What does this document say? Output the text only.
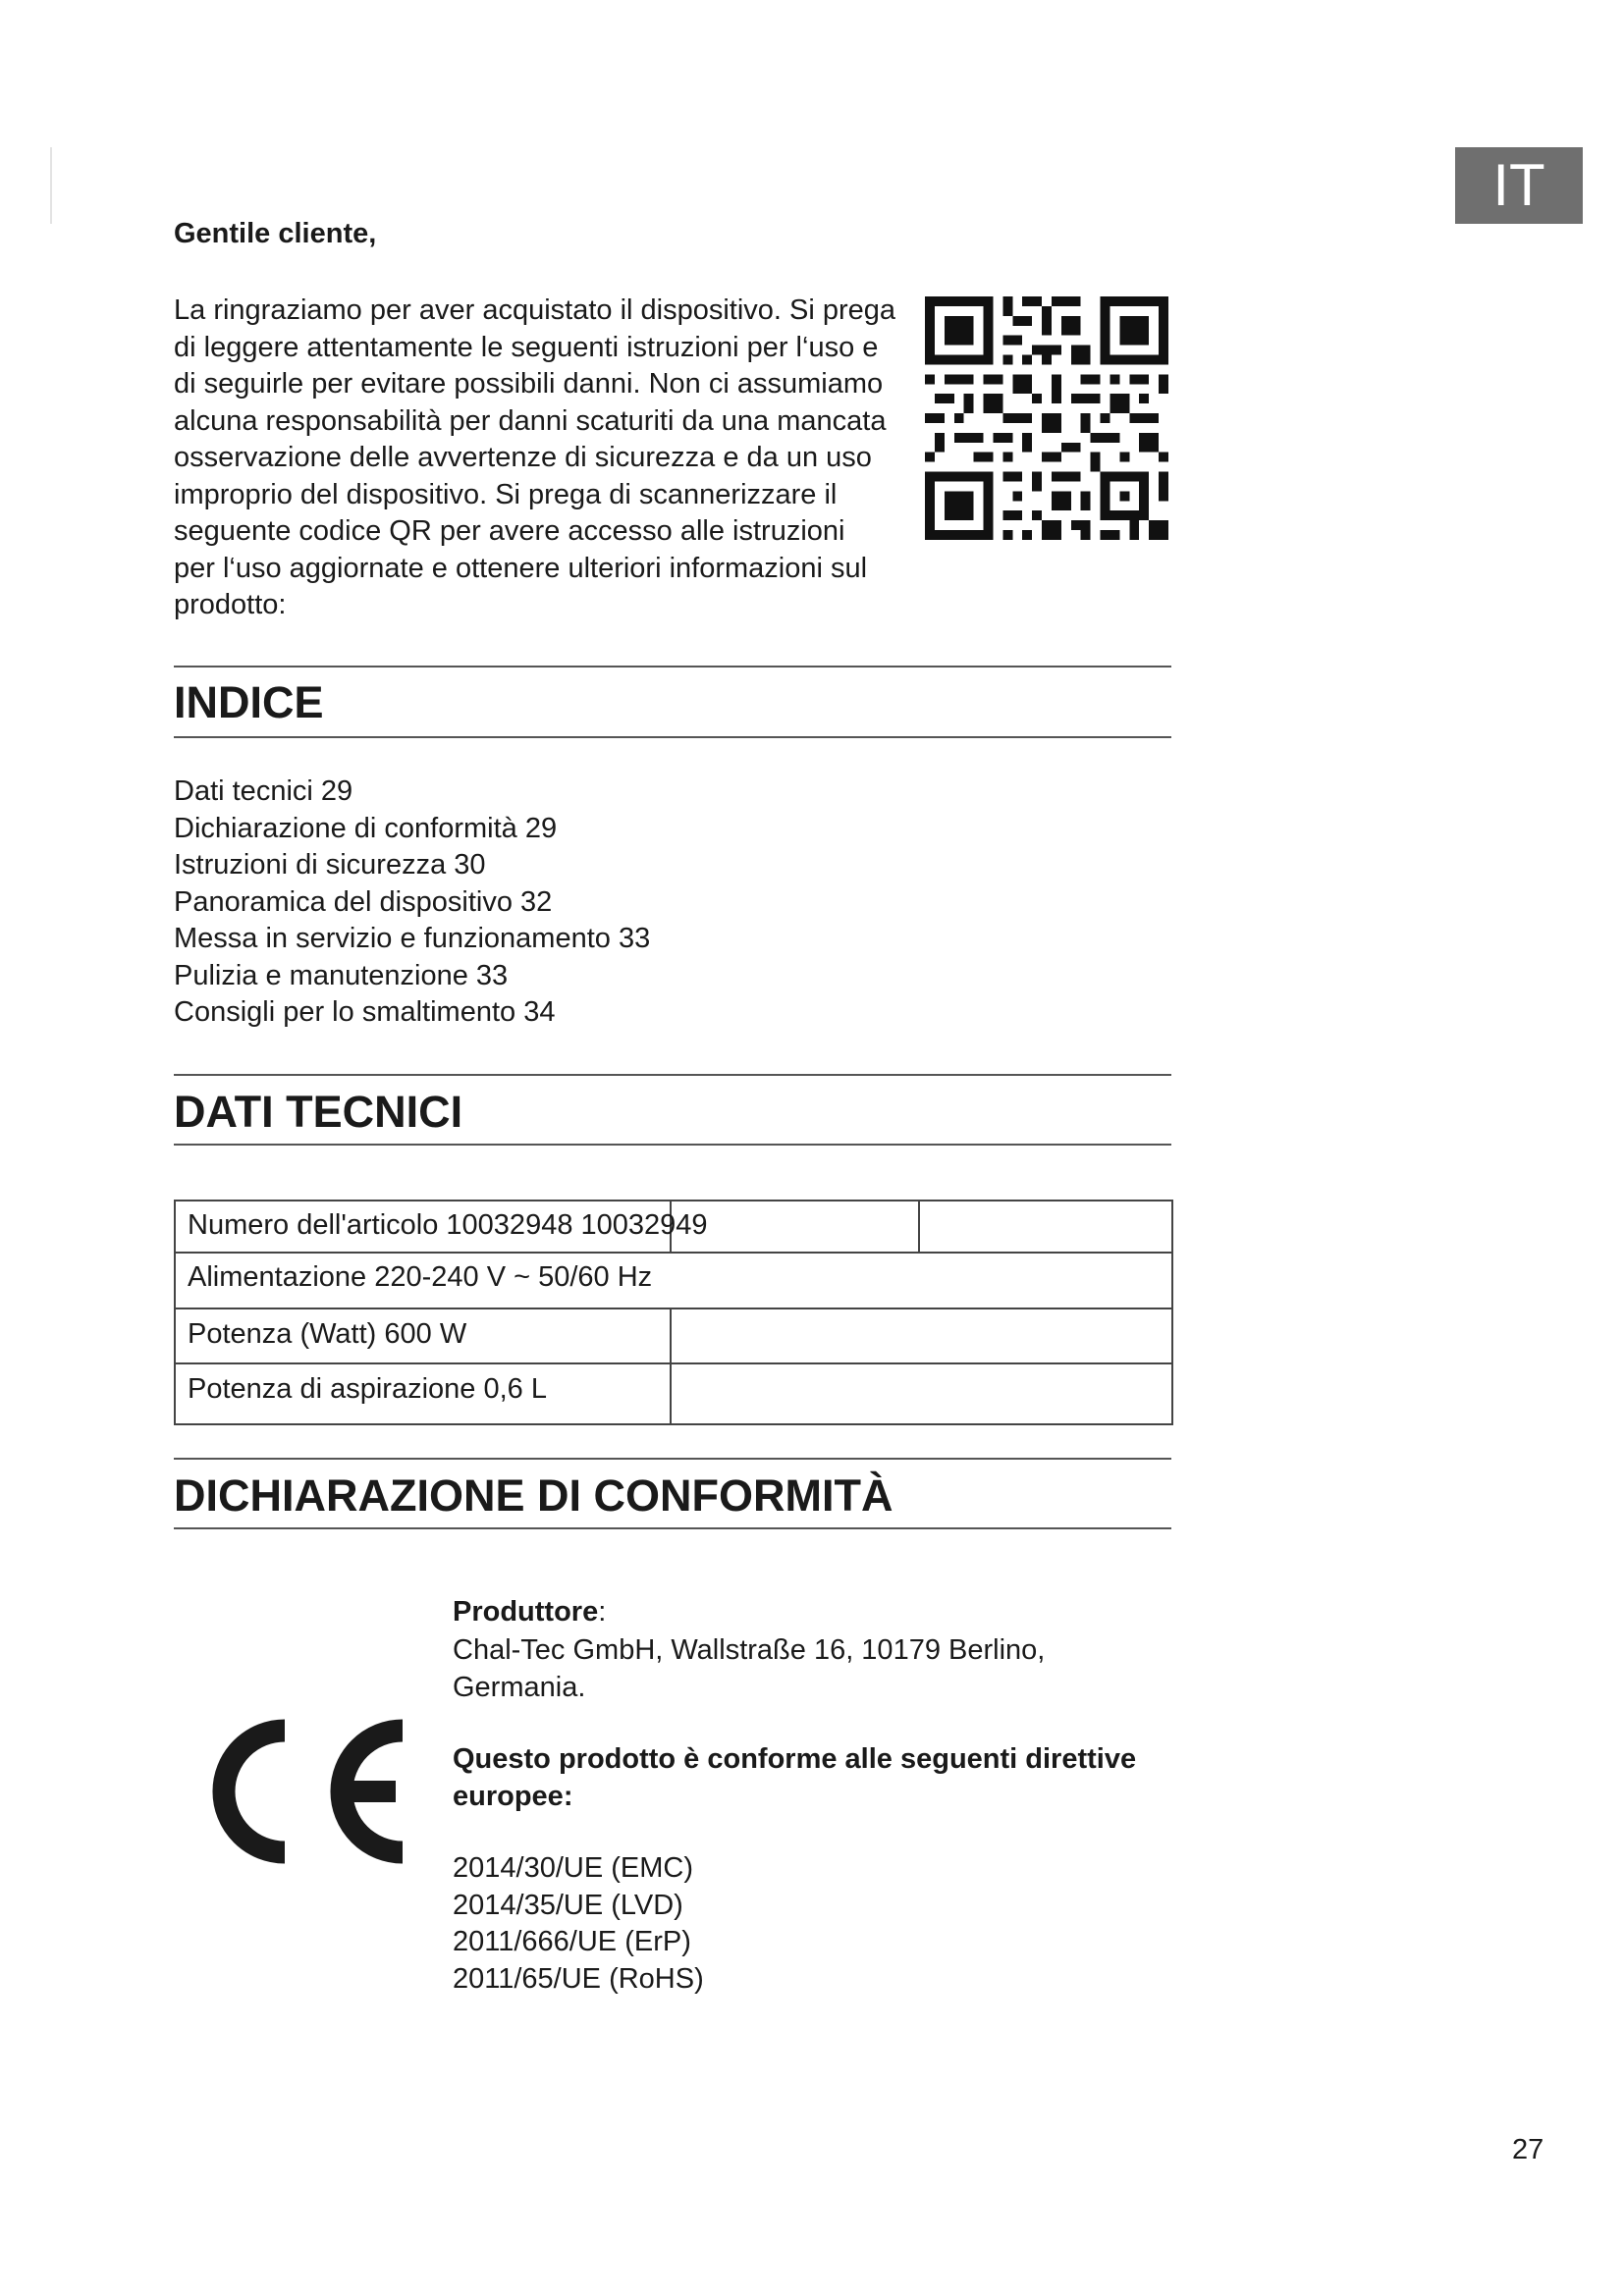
IT
Gentile cliente,
La ringraziamo per aver acquistato il dispositivo. Si prega
di leggere attentamente le seguenti istruzioni per l‘uso e
di seguirle per evitare possibili danni. Non ci assumiamo
alcuna responsabilità per danni scaturiti da una mancata
osservazione delle avvertenze di sicurezza e da un uso
improprio del dispositivo. Si prega di scannerizzare il
seguente codice QR per avere accesso alle istruzioni
per l‘uso aggiornate e ottenere ulteriori informazioni sul
prodotto:
INDICE
Dati tecnici 29
Dichiarazione di conformità 29
Istruzioni di sicurezza 30
Panoramica del dispositivo 32
Messa in servizio e funzionamento 33
Pulizia e manutenzione 33
Consigli per lo smaltimento 34
DATI TECNICI
Numero dell'articolo 10032948 10032949
Alimentazione 220-240 V ~ 50/60 Hz
Potenza (Watt) 600 W
Potenza di aspirazione 0,6 L
DICHIARAZIONE DI CONFORMITÀ
Produttore:
Chal-Tec GmbH, Wallstraße 16, 10179 Berlino,
Germania.
Questo prodotto è conforme alle seguenti direttive
europee:
2014/30/UE (EMC)
2014/35/UE (LVD)
2011/666/UE (ErP)
2011/65/UE (RoHS)
27
